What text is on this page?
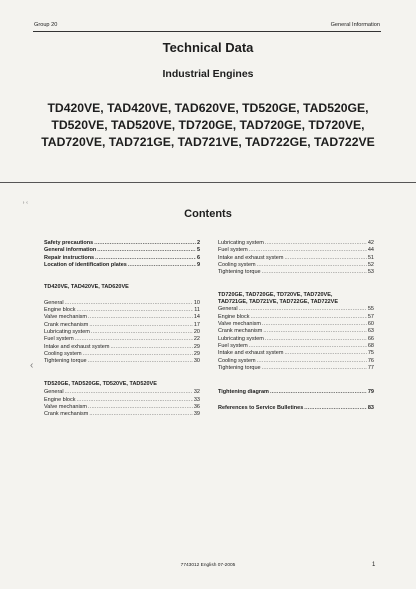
Group 20	General Information
Technical Data
Industrial Engines
TD420VE, TAD420VE, TAD620VE, TD520GE, TAD520GE,
TD520VE, TAD520VE, TD720GE, TAD720GE, TD720VE,
TAD720VE, TAD721GE, TAD721VE, TAD722GE, TAD722VE
˒˓
‹
Contents
Safety precautions .....	2
General information .....	5
Repair instructions .....	6
Location of identification plates .....	9
TD420VE, TAD420VE, TAD620VE
General .....	10
Engine block .....	11
Valve mechanism .....	14
Crank mechanism .....	17
Lubricating system .....	20
Fuel system .....	22
Intake and exhaust system .....	29
Cooling system .....	29
Tightening torque .....	30
TD520GE, TAD520GE, TD520VE, TAD520VE
General .....	32
Engine block .....	33
Valve mechanism .....	36
Crank mechanism .....	39
Lubricating system .....	42
Fuel system .....	44
Intake and exhaust system .....	51
Cooling system .....	52
Tightening torque .....	53
TD720GE, TAD720GE, TD720VE, TAD720VE,
TAD721GE, TAD721VE, TAD722GE, TAD722VE
General .....	55
Engine block .....	57
Valve mechanism .....	60
Crank mechanism .....	63
Lubricating system .....	66
Fuel system .....	68
Intake and exhaust system .....	75
Cooling system .....	76
Tightening torque .....	77
Tightening diagram .....	79
References to Service Bulletines .....	83
7743012 English 07-2005	1
